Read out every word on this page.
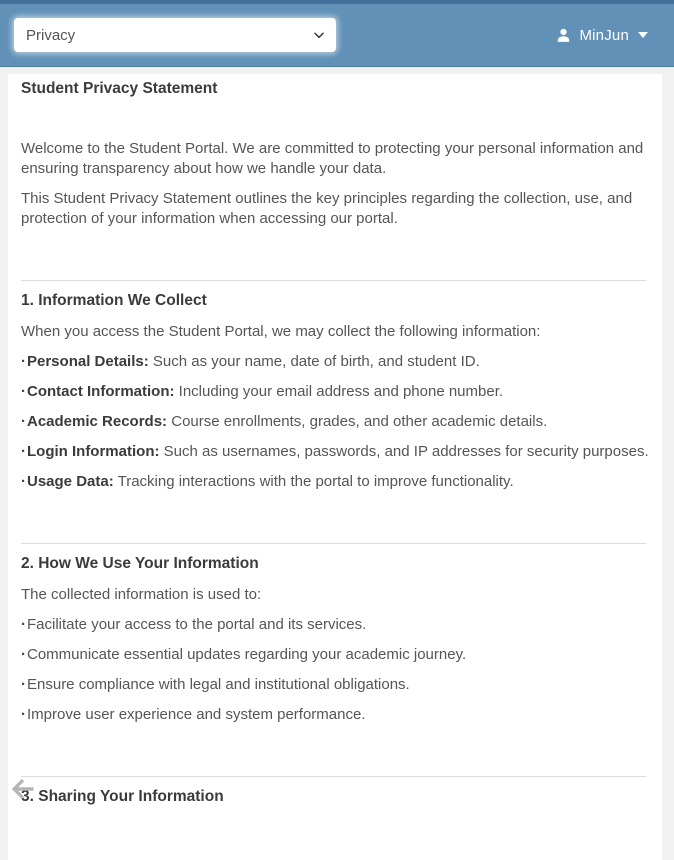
Privacy
MinJun
Student Privacy Statement

Welcome to the Student Portal. We are committed to protecting your personal information and ensuring transparency about how we handle your data.

This Student Privacy Statement outlines the key principles regarding the collection, use, and protection of your information when accessing our portal.

1. Information We Collect

When you access the Student Portal, we may collect the following information:

· Personal Details: Such as your name, date of birth, and student ID.

· Contact Information: Including your email address and phone number.

· Academic Records: Course enrollments, grades, and other academic details.

· Login Information: Such as usernames, passwords, and IP addresses for security purposes.

· Usage Data: Tracking interactions with the portal to improve functionality.

2. How We Use Your Information

The collected information is used to:

· Facilitate your access to the portal and its services.

· Communicate essential updates regarding your academic journey.

· Ensure compliance with legal and institutional obligations.

· Improve user experience and system performance.

3. Sharing Your Information
